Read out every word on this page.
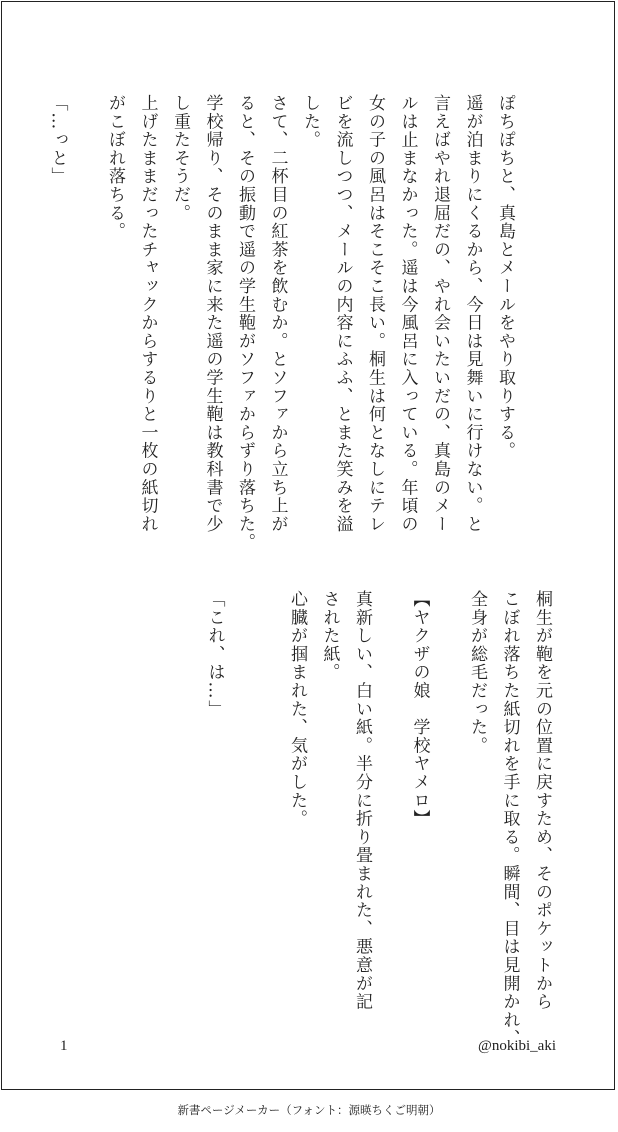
ぽちぽちと、真島とメールをやり取りする。
遥が泊まりにくるから、今日は見舞いに行けない。と
言えばやれ退屈だの、やれ会いたいだの、真島のメー
ルは止まなかった。遥は今風呂に入っている。年頃の
女の子の風呂はそこそこ長い。桐生は何となしにテレ
ビを流しつつ、メールの内容にふふ、とまた笑みを溢
した。
さて、二杯目の紅茶を飲むか。とソファから立ち上が
ると、その振動で遥の学生鞄がソファからずり落ちた。
学校帰り、そのまま家に来た遥の学生鞄は教科書で少
し重たそうだ。
上げたままだったチャックからするりと一枚の紙切れ
がこぼれ落ちる。
「…っと」
桐生が鞄を元の位置に戻すため、そのポケットから
こぼれ落ちた紙切れを手に取る。瞬間、目は見開かれ、
全身が総毛だった。
【ヤクザの娘　学校ヤメロ】
真新しい、白い紙。半分に折り畳まれた、悪意が記
された紙。
心臓が掴まれた、気がした。
「これ、は…」
1	@nokibi_aki
新書ページメーカー（フォント：源暎ちくご明朝）
